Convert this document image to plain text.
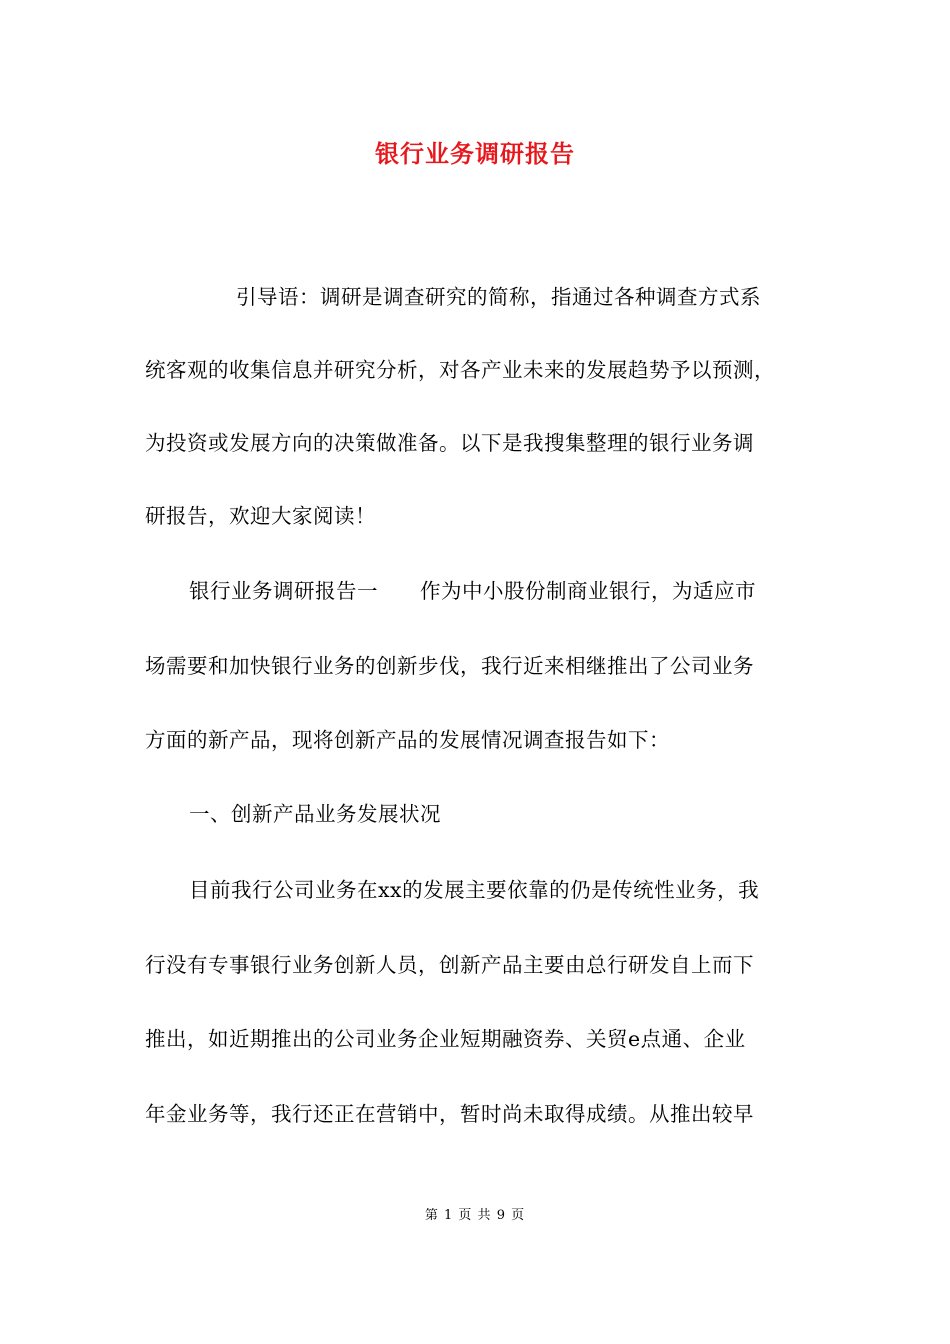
银行业务调研报告
引导语：调研是调查研究的简称，指通过各种调查方式系
统客观的收集信息并研究分析，对各产业未来的发展趋势予以预测，
为投资或发展方向的决策做准备。以下是我搜集整理的银行业务调
研报告，欢迎大家阅读！
银行业务调研报告一　　作为中小股份制商业银行，为适应市
场需要和加快银行业务的创新步伐，我行近来相继推出了公司业务
方面的新产品，现将创新产品的发展情况调查报告如下：
一、创新产品业务发展状况
目前我行公司业务在xx的发展主要依靠的仍是传统性业务，我
行没有专事银行业务创新人员，创新产品主要由总行研发自上而下
推出，如近期推出的公司业务企业短期融资券、关贸e点通、企业
年金业务等，我行还正在营销中，暂时尚未取得成绩。从推出较早
第 1 页 共 9 页
